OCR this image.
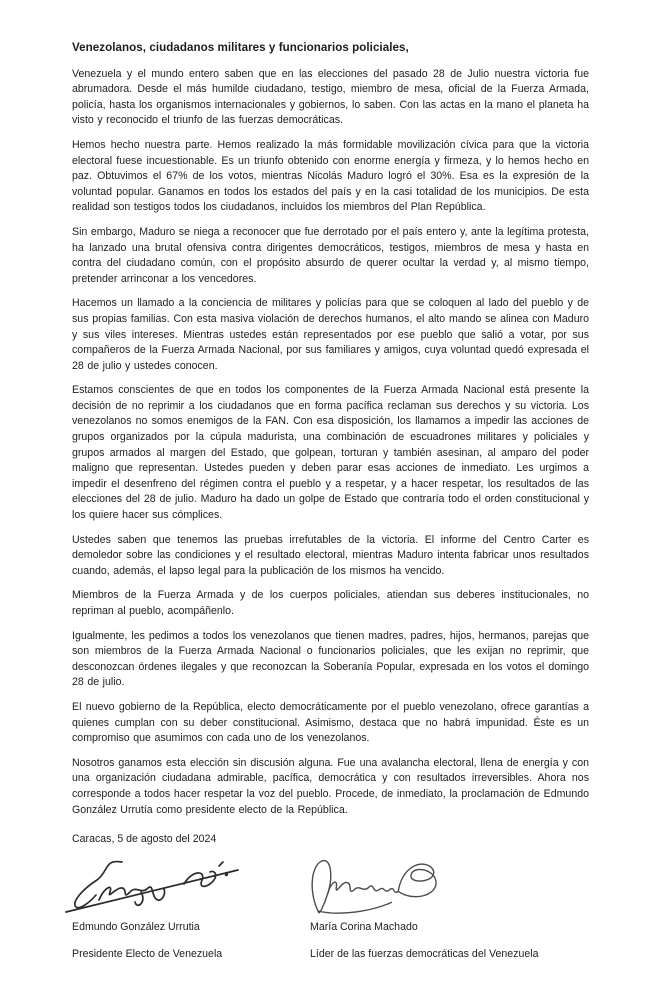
Venezolanos, ciudadanos militares y funcionarios policiales,

Venezuela y el mundo entero saben que en las elecciones del pasado 28 de Julio nuestra victoria fue abrumadora. Desde el más humilde ciudadano, testigo, miembro de mesa, oficial de la Fuerza Armada, policía, hasta los organismos internacionales y gobiernos, lo saben. Con las actas en la mano el planeta ha visto y reconocido el triunfo de las fuerzas democráticas.

Hemos hecho nuestra parte. Hemos realizado la más formidable movilización cívica para que la victoria electoral fuese incuestionable. Es un triunfo obtenido con enorme energía y firmeza, y lo hemos hecho en paz. Obtuvimos el 67% de los votos, mientras Nicolás Maduro logró el 30%. Esa es la expresión de la voluntad popular. Ganamos en todos los estados del país y en la casi totalidad de los municipios. De esta realidad son testigos todos los ciudadanos, incluidos los miembros del Plan República.

Sin embargo, Maduro se niega a reconocer que fue derrotado por el país entero y, ante la legítima protesta, ha lanzado una brutal ofensiva contra dirigentes democráticos, testigos, miembros de mesa y hasta en contra del ciudadano común, con el propósito absurdo de querer ocultar la verdad y, al mismo tiempo, pretender arrinconar a los vencedores.

Hacemos un llamado a la conciencia de militares y policías para que se coloquen al lado del pueblo y de sus propias familias. Con esta masiva violación de derechos humanos, el alto mando se alinea con Maduro y sus viles intereses. Mientras ustedes están representados por ese pueblo que salió a votar, por sus compañeros de la Fuerza Armada Nacional, por sus familiares y amigos, cuya voluntad quedó expresada el 28 de julio y ustedes conocen.

Estamos conscientes de que en todos los componentes de la Fuerza Armada Nacional está presente la decisión de no reprimir a los ciudadanos que en forma pacífica reclaman sus derechos y su victoria. Los venezolanos no somos enemigos de la FAN. Con esa disposición, los llamamos a impedir las acciones de grupos organizados por la cúpula madurista, una combinación de escuadrones militares y policiales y grupos armados al margen del Estado, que golpean, torturan y también asesinan, al amparo del poder maligno que representan. Ustedes pueden y deben parar esas acciones de inmediato. Les urgimos a impedir el desenfreno del régimen contra el pueblo y a respetar, y a hacer respetar, los resultados de las elecciones del 28 de julio. Maduro ha dado un golpe de Estado que contraría todo el orden constitucional y los quiere hacer sus cómplices.

Ustedes saben que tenemos las pruebas irrefutables de la victoria. El informe del Centro Carter es demoledor sobre las condiciones y el resultado electoral, mientras Maduro intenta fabricar unos resultados cuando, además, el lapso legal para la publicación de los mismos ha vencido.

Miembros de la Fuerza Armada y de los cuerpos policiales, atiendan sus deberes institucionales, no repriman al pueblo, acompáñenlo.

Igualmente, les pedimos a todos los venezolanos que tienen madres, padres, hijos, hermanos, parejas que son miembros de la Fuerza Armada Nacional o funcionarios policiales, que les exijan no reprimir, que desconozcan órdenes ilegales y que reconozcan la Soberanía Popular, expresada en los votos el domingo 28 de julio.

El nuevo gobierno de la República, electo democráticamente por el pueblo venezolano, ofrece garantías a quienes cumplan con su deber constitucional. Asimismo, destaca que no habrá impunidad. Éste es un compromiso que asumimos con cada uno de los venezolanos.

Nosotros ganamos esta elección sin discusión alguna. Fue una avalancha electoral, llena de energía y con una organización ciudadana admirable, pacífica, democrática y con resultados irreversibles. Ahora nos corresponde a todos hacer respetar la voz del pueblo. Procede, de inmediato, la proclamación de Edmundo González Urrutía como presidente electo de la República.

Caracas, 5 de agosto del 2024

Edmundo González Urrutia
Presidente Electo de Venezuela
María Corina Machado
Líder de las fuerzas democráticas del Venezuela
